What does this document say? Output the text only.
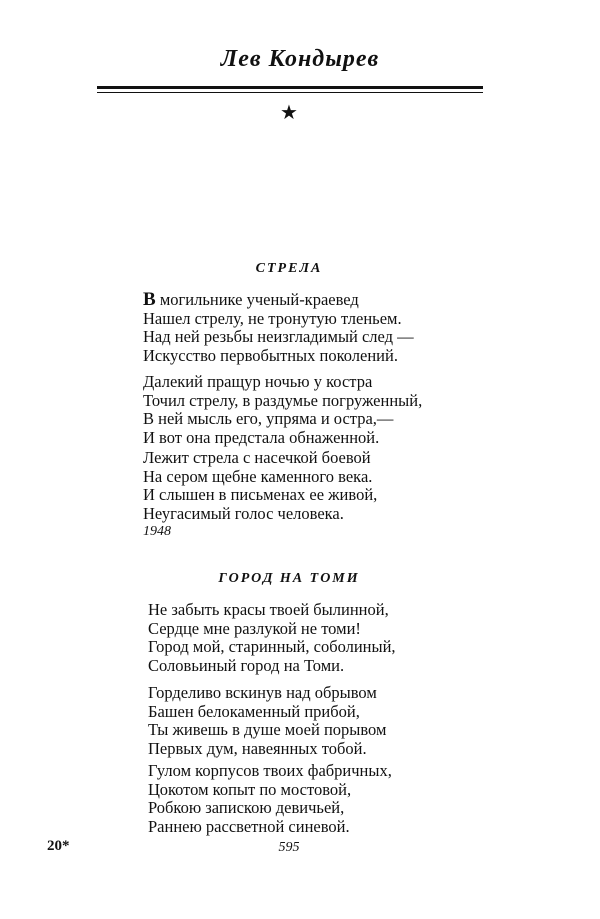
Лев Кондырев
★
СТРЕЛА
В могильнике ученый-краевед
Нашел стрелу, не тронутую тленьем.
Над ней резьбы неизгладимый след —
Искусство первобытных поколений.
Далекий пращур ночью у костра
Точил стрелу, в раздумье погруженный,
В ней мысль его, упряма и остра,—
И вот она предстала обнаженной.
Лежит стрела с насечкой боевой
На сером щебне каменного века.
И слышен в письменах ее живой,
Неугасимый голос человека.
1948
ГОРОД НА ТОМИ
Не забыть красы твоей былинной,
Сердце мне разлукой не томи!
Город мой, старинный, соболиный,
Соловьиный город на Томи.
Горделиво вскинув над обрывом
Башен белокаменный прибой,
Ты живешь в душе моей порывом
Первых дум, навеянных тобой.
Гулом корпусов твоих фабричных,
Цокотом копыт по мостовой,
Робкою запискою девичьей,
Раннею рассветной синевой.
20*	595
